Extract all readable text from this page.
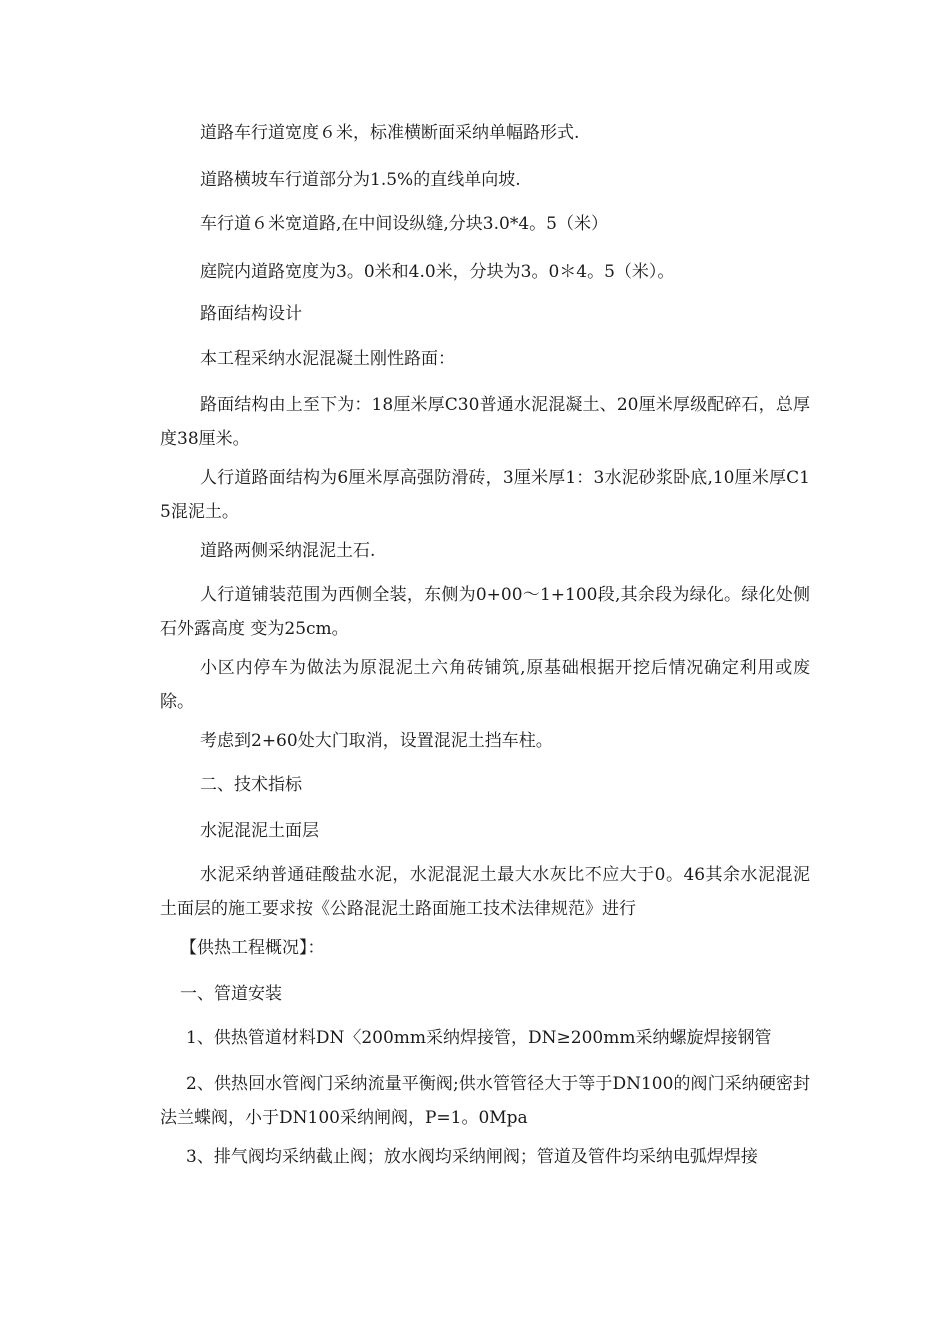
道路车行道宽度６米，标准横断面采纳单幅路形式.

道路横坡车行道部分为1.5%的直线单向坡.

车行道６米宽道路,在中间设纵缝,分块3.0*4。5（米）

庭院内道路宽度为3。0米和4.0米，分块为3。0＊4。5（米）。

路面结构设计

本工程采纳水泥混凝土刚性路面：

路面结构由上至下为：18厘米厚C30普通水泥混凝土、20厘米厚级配碎石，总厚度38厘米。

人行道路面结构为6厘米厚高强防滑砖，3厘米厚1：3水泥砂浆卧底,10厘米厚C15混泥土。

道路两侧采纳混泥土石.

人行道铺装范围为西侧全装，东侧为0+00～1+100段,其余段为绿化。绿化处侧石外露高度 变为25cm。

小区内停车为做法为原混泥土六角砖铺筑,原基础根据开挖后情况确定利用或废除。

考虑到2+60处大门取消，设置混泥土挡车柱。

二、技术指标

水泥混泥土面层

水泥采纳普通硅酸盐水泥，水泥混泥土最大水灰比不应大于0。46其余水泥混泥土面层的施工要求按《公路混泥土路面施工技术法律规范》进行

【供热工程概况】：

一、管道安装

1、供热管道材料DN〈200mm采纳焊接管，DN≥200mm采纳螺旋焊接钢管

2、供热回水管阀门采纳流量平衡阀;供水管管径大于等于DN100的阀门采纳硬密封法兰蝶阀，小于DN100采纳闸阀，P=1。0Mpa

3、排气阀均采纳截止阀；放水阀均采纳闸阀；管道及管件均采纳电弧焊焊接
